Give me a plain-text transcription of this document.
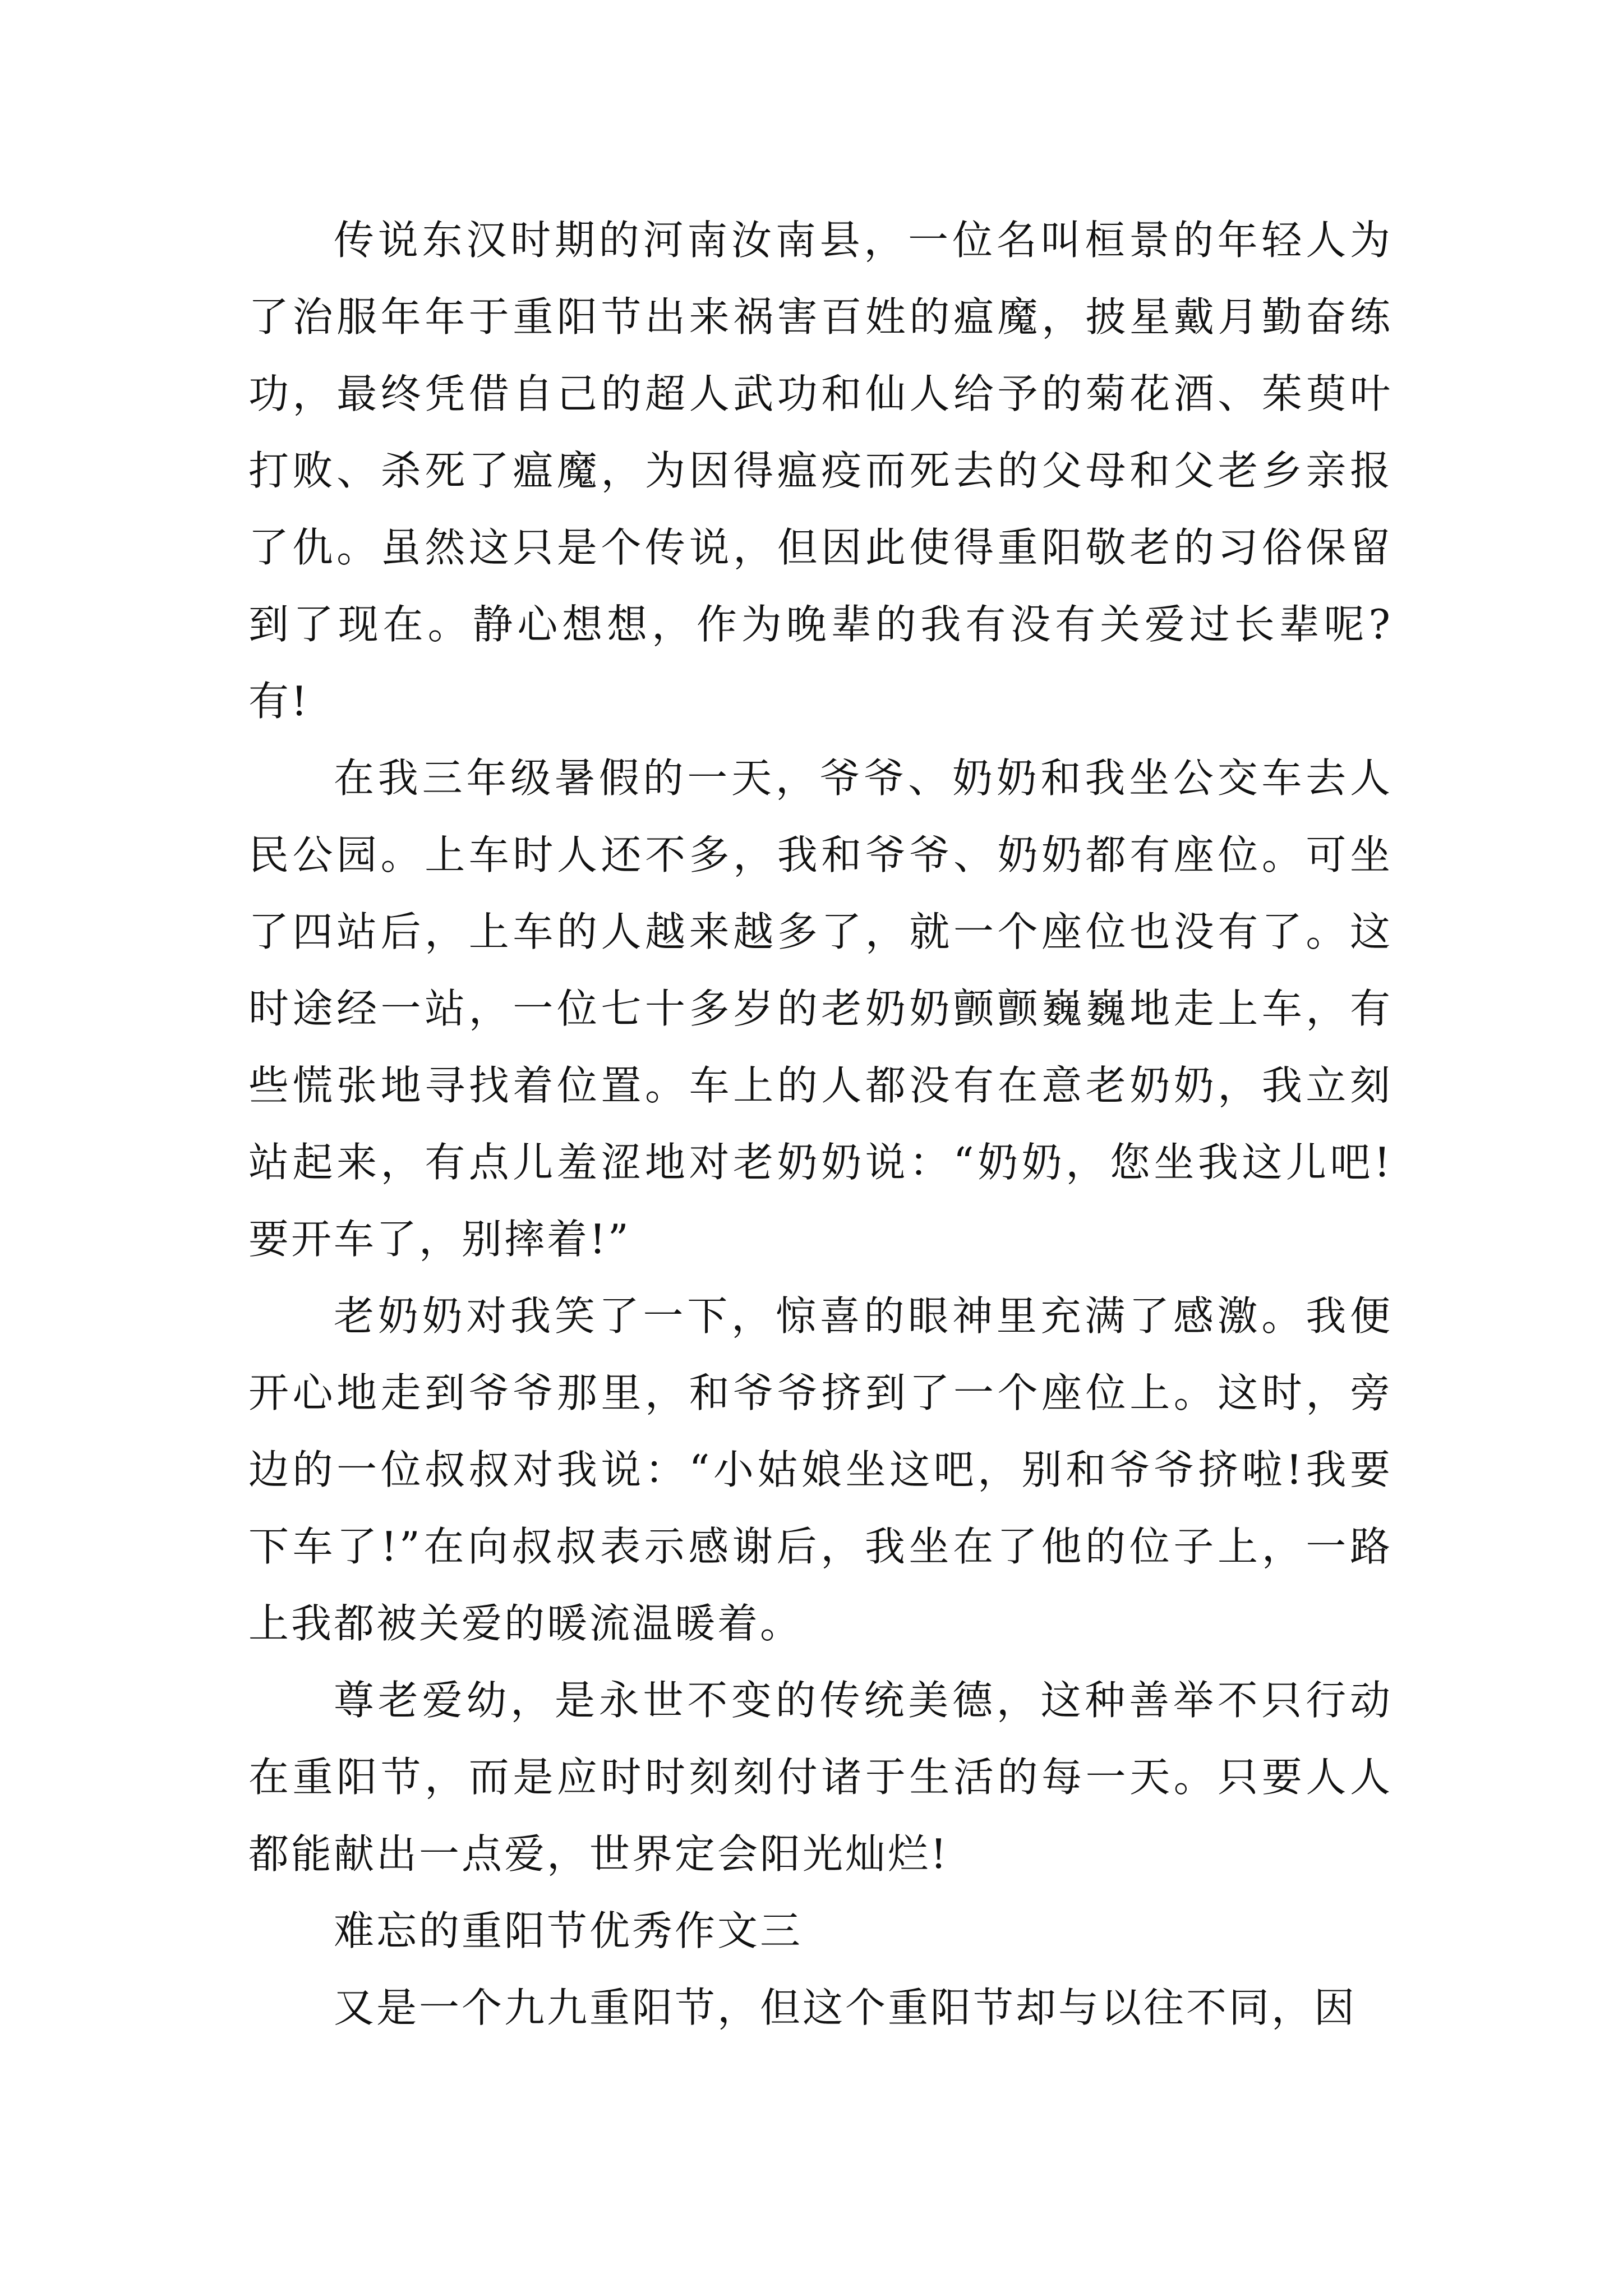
传说东汉时期的河南汝南县，一位名叫桓景的年轻人为了治服年年于重阳节出来祸害百姓的瘟魔，披星戴月勤奋练功，最终凭借自己的超人武功和仙人给予的菊花酒、茱萸叶打败、杀死了瘟魔，为因得瘟疫而死去的父母和父老乡亲报了仇。虽然这只是个传说，但因此使得重阳敬老的习俗保留到了现在。静心想想，作为晚辈的我有没有关爱过长辈呢?有!

在我三年级暑假的一天，爷爷、奶奶和我坐公交车去人民公园。上车时人还不多，我和爷爷、奶奶都有座位。可坐了四站后，上车的人越来越多了，就一个座位也没有了。这时途经一站，一位七十多岁的老奶奶颤颤巍巍地走上车，有些慌张地寻找着位置。车上的人都没有在意老奶奶，我立刻站起来，有点儿羞涩地对老奶奶说：“奶奶，您坐我这儿吧!要开车了，别摔着!”

老奶奶对我笑了一下，惊喜的眼神里充满了感激。我便开心地走到爷爷那里，和爷爷挤到了一个座位上。这时，旁边的一位叔叔对我说：“小姑娘坐这吧，别和爷爷挤啦!我要下车了!”在向叔叔表示感谢后，我坐在了他的位子上，一路上我都被关爱的暖流温暖着。

尊老爱幼，是永世不变的传统美德，这种善举不只行动在重阳节，而是应时时刻刻付诸于生活的每一天。只要人人都能献出一点爱，世界定会阳光灿烂!

难忘的重阳节优秀作文三

又是一个九九重阳节，但这个重阳节却与以往不同，因
